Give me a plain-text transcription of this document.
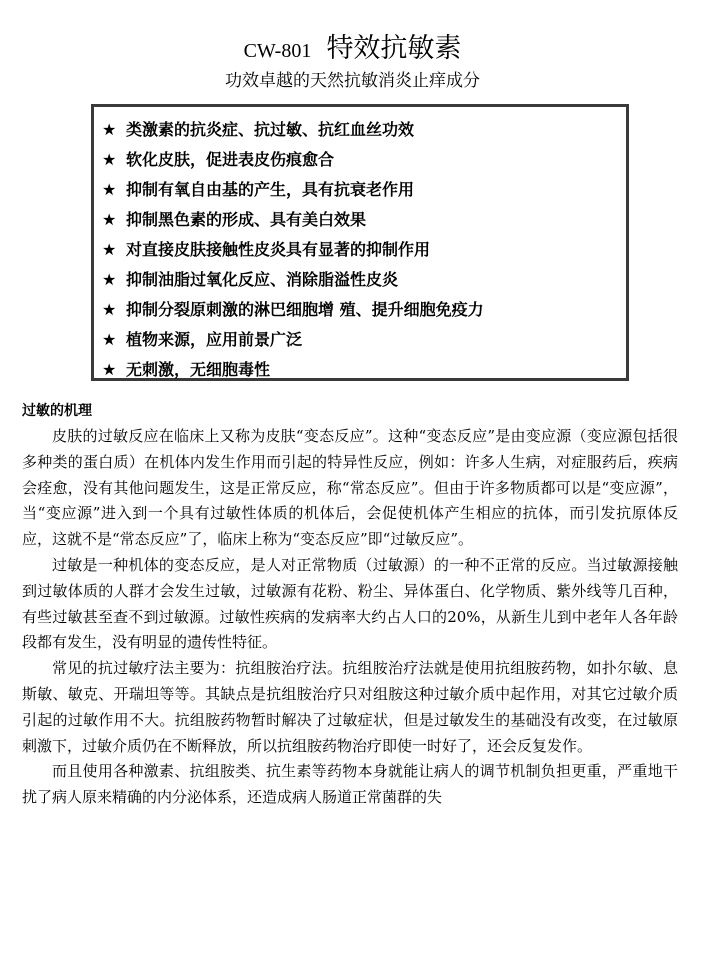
CW-801 特效抗敏素
功效卓越的天然抗敏消炎止痒成分
★ 类激素的抗炎症、抗过敏、抗红血丝功效
★ 软化皮肤，促进表皮伤痕愈合
★ 抑制有氧自由基的产生，具有抗衰老作用
★ 抑制黑色素的形成、具有美白效果
★ 对直接皮肤接触性皮炎具有显著的抑制作用
★ 抑制油脂过氧化反应、消除脂溢性皮炎
★ 抑制分裂原刺激的淋巴细胞增 殖、提升细胞免疫力
★ 植物来源，应用前景广泛
★ 无刺激，无细胞毒性
过敏的机理

皮肤的过敏反应在临床上又称为皮肤“变态反应”。这种“变态反应”是由变应源（变应源包括很多种类的蛋白质）在机体内发生作用而引起的特异性反应，例如：许多人生病，对症服药后，疾病会痊愈，没有其他问题发生，这是正常反应，称“常态反应”。但由于许多物质都可以是“变应源”，当“变应源”进入到一个具有过敏性体质的机体后，会促使机体产生相应的抗体，而引发抗原体反应，这就不是“常态反应”了，临床上称为“变态反应”即“过敏反应”。

过敏是一种机体的变态反应，是人对正常物质（过敏源）的一种不正常的反应。当过敏源接触到过敏体质的人群才会发生过敏，过敏源有花粉、粉尘、异体蛋白、化学物质、紫外线等几百种，有些过敏甚至查不到过敏源。过敏性疾病的发病率大约占人口的20%，从新生儿到中老年人各年龄段都有发生，没有明显的遗传性特征。

常见的抗过敏疗法主要为：抗组胺治疗法。抗组胺治疗法就是使用抗组胺药物，如扑尔敏、息斯敏、敏克、开瑞坦等等。其缺点是抗组胺治疗只对组胺这种过敏介质中起作用，对其它过敏介质引起的过敏作用不大。抗组胺药物暂时解决了过敏症状，但是过敏发生的基础没有改变，在过敏原刺激下，过敏介质仍在不断释放，所以抗组胺药物治疗即使一时好了，还会反复发作。

而且使用各种激素、抗组胺类、抗生素等药物本身就能让病人的调节机制负担更重，严重地干扰了病人原来精确的内分泌体系，还造成病人肠道正常菌群的失
